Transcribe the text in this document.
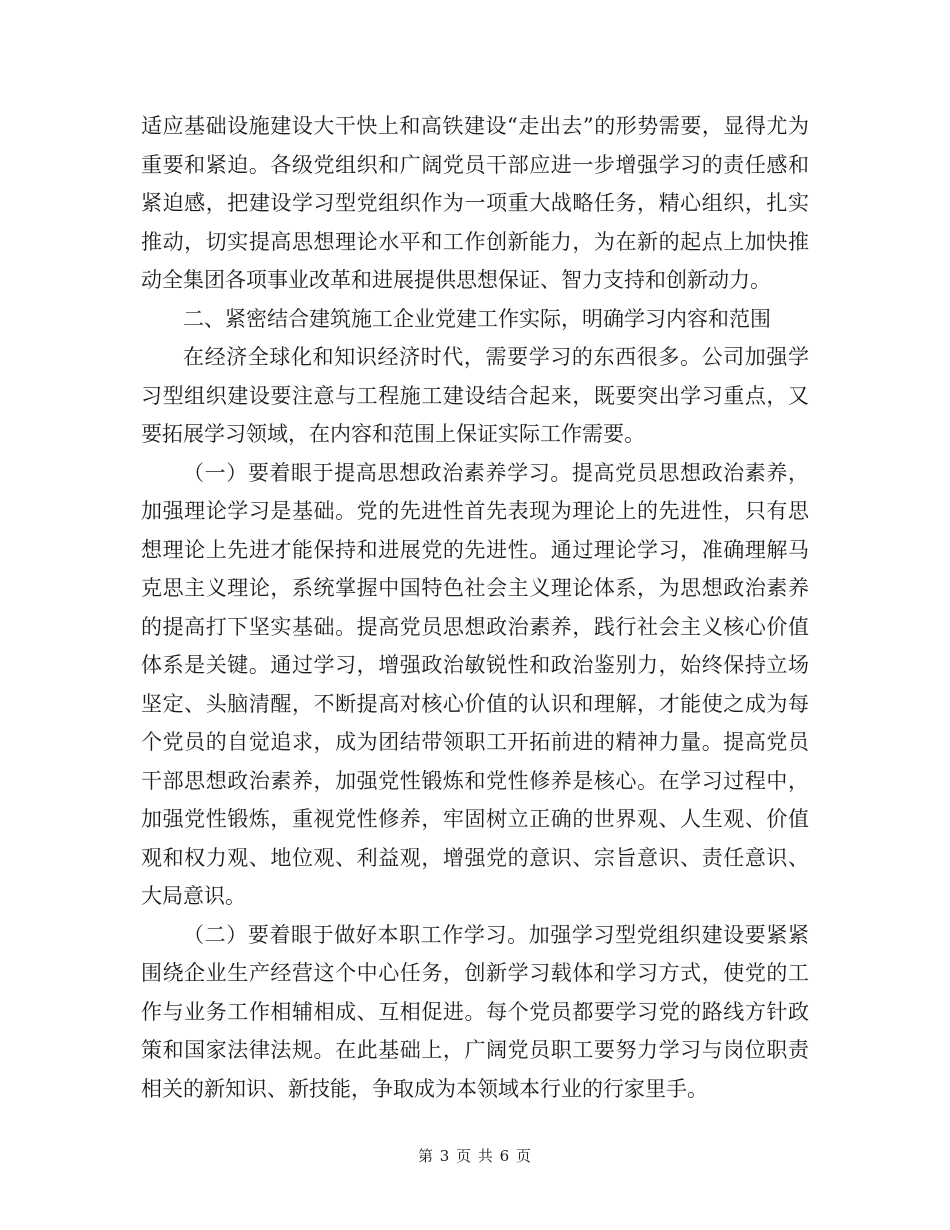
适应基础设施建设大干快上和高铁建设“走出去”的形势需要，显得尤为重要和紧迫。各级党组织和广阔党员干部应进一步增强学习的责任感和紧迫感，把建设学习型党组织作为一项重大战略任务，精心组织，扎实推动，切实提高思想理论水平和工作创新能力，为在新的起点上加快推动全集团各项事业改革和进展提供思想保证、智力支持和创新动力。

二、紧密结合建筑施工企业党建工作实际，明确学习内容和范围

在经济全球化和知识经济时代，需要学习的东西很多。公司加强学习型组织建设要注意与工程施工建设结合起来，既要突出学习重点，又要拓展学习领域，在内容和范围上保证实际工作需要。

（一）要着眼于提高思想政治素养学习。提高党员思想政治素养，加强理论学习是基础。党的先进性首先表现为理论上的先进性，只有思想理论上先进才能保持和进展党的先进性。通过理论学习，准确理解马克思主义理论，系统掌握中国特色社会主义理论体系，为思想政治素养的提高打下坚实基础。提高党员思想政治素养，践行社会主义核心价值体系是关键。通过学习，增强政治敏锐性和政治鉴别力，始终保持立场坚定、头脑清醒，不断提高对核心价值的认识和理解，才能使之成为每个党员的自觉追求，成为团结带领职工开拓前进的精神力量。提高党员干部思想政治素养，加强党性锻炼和党性修养是核心。在学习过程中，加强党性锻炼，重视党性修养，牢固树立正确的世界观、人生观、价值观和权力观、地位观、利益观，增强党的意识、宗旨意识、责任意识、大局意识。

（二）要着眼于做好本职工作学习。加强学习型党组织建设要紧紧围绕企业生产经营这个中心任务，创新学习载体和学习方式，使党的工作与业务工作相辅相成、互相促进。每个党员都要学习党的路线方针政策和国家法律法规。在此基础上，广阔党员职工要努力学习与岗位职责相关的新知识、新技能，争取成为本领域本行业的行家里手。

第 3 页 共 6 页
